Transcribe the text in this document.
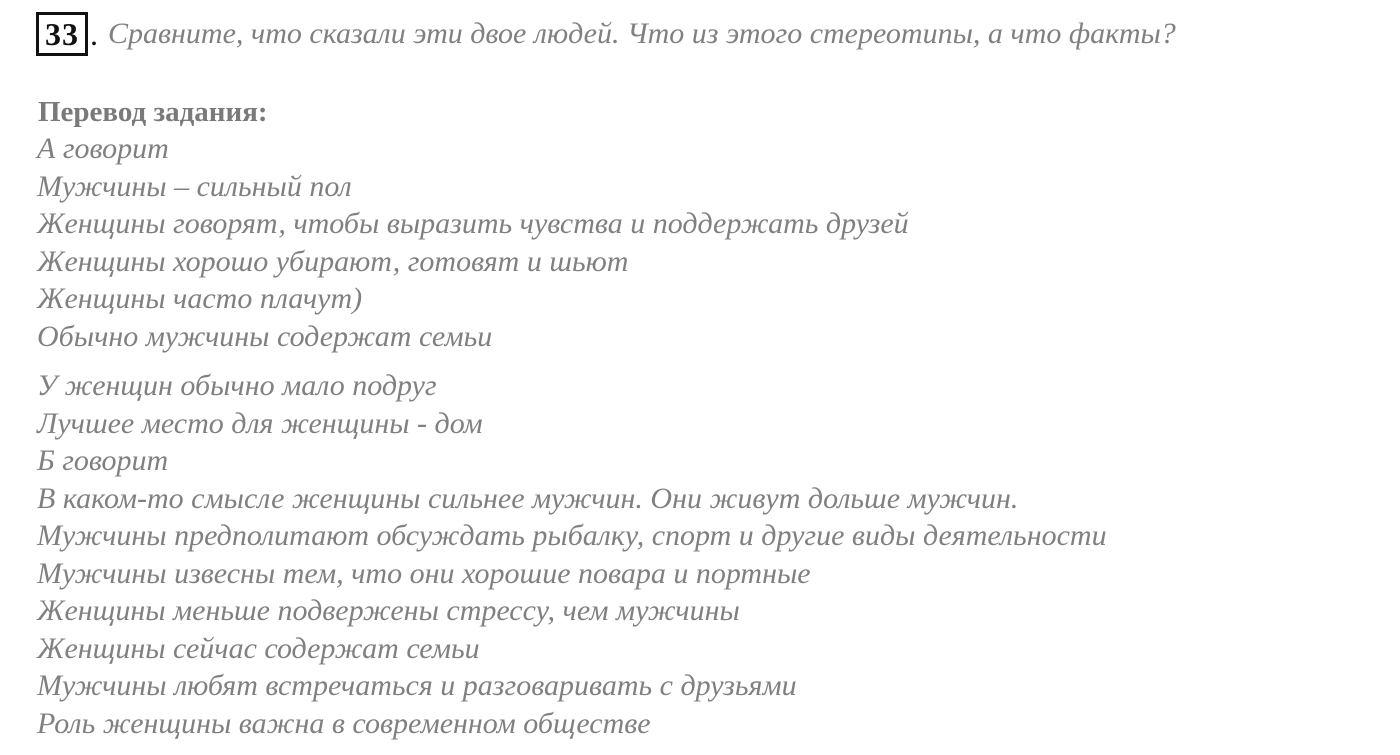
33 . Сравните, что сказали эти двое людей. Что из этого стереотипы, а что факты?
Перевод задания:
А говорит
Мужчины – сильный пол
Женщины говорят, чтобы выразить чувства и поддержать друзей
Женщины хорошо убирают, готовят и шьют
Женщины часто плачут)
Обычно мужчины содержат семьи
У женщин обычно мало подруг
Лучшее место для женщины - дом
Б говорит
В каком-то смысле женщины сильнее мужчин. Они живут дольше мужчин.
Мужчины предполитают обсуждать рыбалку, спорт и другие виды деятельности
Мужчины извесны тем, что они хорошие повара и портные
Женщины меньше подвержены стрессу, чем мужчины
Женщины сейчас содержат семьи
Мужчины любят встречаться и разговаривать с друзьями
Роль женщины важна в современном обществе
